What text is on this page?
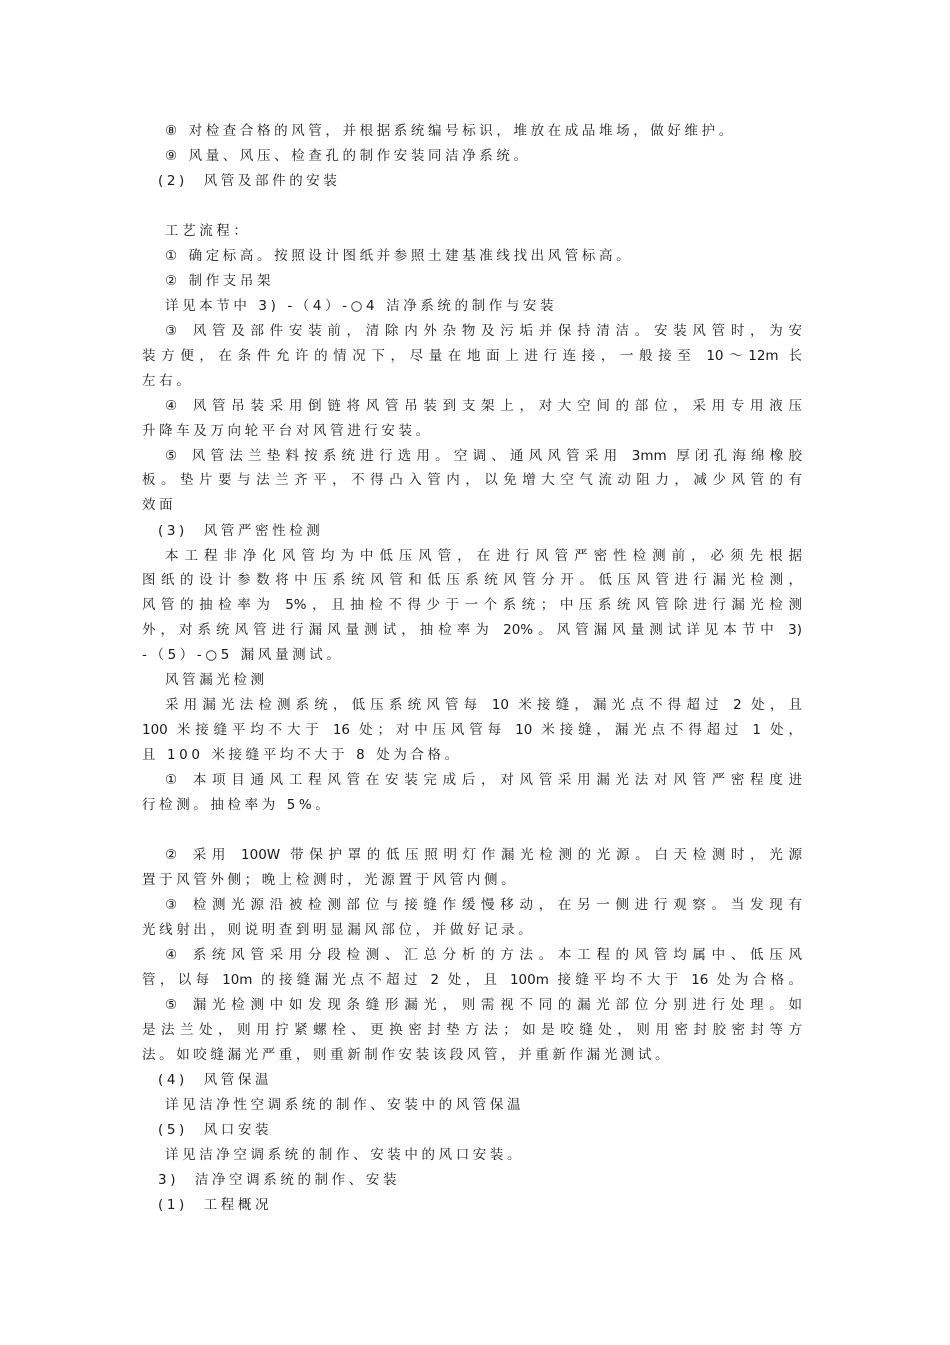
⑧ 对检查合格的风管，并根据系统编号标识，堆放在成品堆场，做好维护。
⑨ 风量、风压、检查孔的制作安装同洁净系统。
(2)  风管及部件的安装
工艺流程：
① 确定标高。按照设计图纸并参照土建基准线找出风管标高。
② 制作支吊架
详见本节中 3) -（4）-○4 洁净系统的制作与安装
③ 风管及部件安装前，清除内外杂物及污垢并保持清洁。安装风管时，为安
装方便，在条件允许的情况下，尽量在地面上进行连接，一般接至 10～12m 长
左右。
④ 风管吊装采用倒链将风管吊装到支架上，对大空间的部位，采用专用液压
升降车及万向轮平台对风管进行安装。
⑤ 风管法兰垫料按系统进行选用。空调、通风风管采用 3mm 厚闭孔海绵橡胶
板。垫片要与法兰齐平，不得凸入管内，以免增大空气流动阻力，减少风管的有
效面
(3)  风管严密性检测
本工程非净化风管均为中低压风管，在进行风管严密性检测前，必须先根据
图纸的设计参数将中压系统风管和低压系统风管分开。低压风管进行漏光检测，
风管的抽检率为 5%，且抽检不得少于一个系统；中压系统风管除进行漏光检测
外，对系统风管进行漏风量测试，抽检率为 20%。风管漏风量测试详见本节中 3)
-（5）-○5 漏风量测试。
风管漏光检测
采用漏光法检测系统，低压系统风管每 10 米接缝，漏光点不得超过 2 处，且
100 米接缝平均不大于 16 处；对中压风管每 10 米接缝，漏光点不得超过 1 处，
且 100 米接缝平均不大于 8 处为合格。
① 本项目通风工程风管在安装完成后，对风管采用漏光法对风管严密程度进
行检测。抽检率为 5%。
② 采用 100W 带保护罩的低压照明灯作漏光检测的光源。白天检测时，光源
置于风管外侧；晚上检测时，光源置于风管内侧。
③ 检测光源沿被检测部位与接缝作缓慢移动，在另一侧进行观察。当发现有
光线射出，则说明查到明显漏风部位，并做好记录。
④ 系统风管采用分段检测、汇总分析的方法。本工程的风管均属中、低压风
管，以每 10m 的接缝漏光点不超过 2 处，且 100m 接缝平均不大于 16 处为合格。
⑤ 漏光检测中如发现条缝形漏光，则需视不同的漏光部位分别进行处理。如
是法兰处，则用拧紧螺栓、更换密封垫方法；如是咬缝处，则用密封胶密封等方
法。如咬缝漏光严重，则重新制作安装该段风管，并重新作漏光测试。
(4)  风管保温
详见洁净性空调系统的制作、安装中的风管保温
(5)  风口安装
详见洁净空调系统的制作、安装中的风口安装。
3)  洁净空调系统的制作、安装
(1)  工程概况
